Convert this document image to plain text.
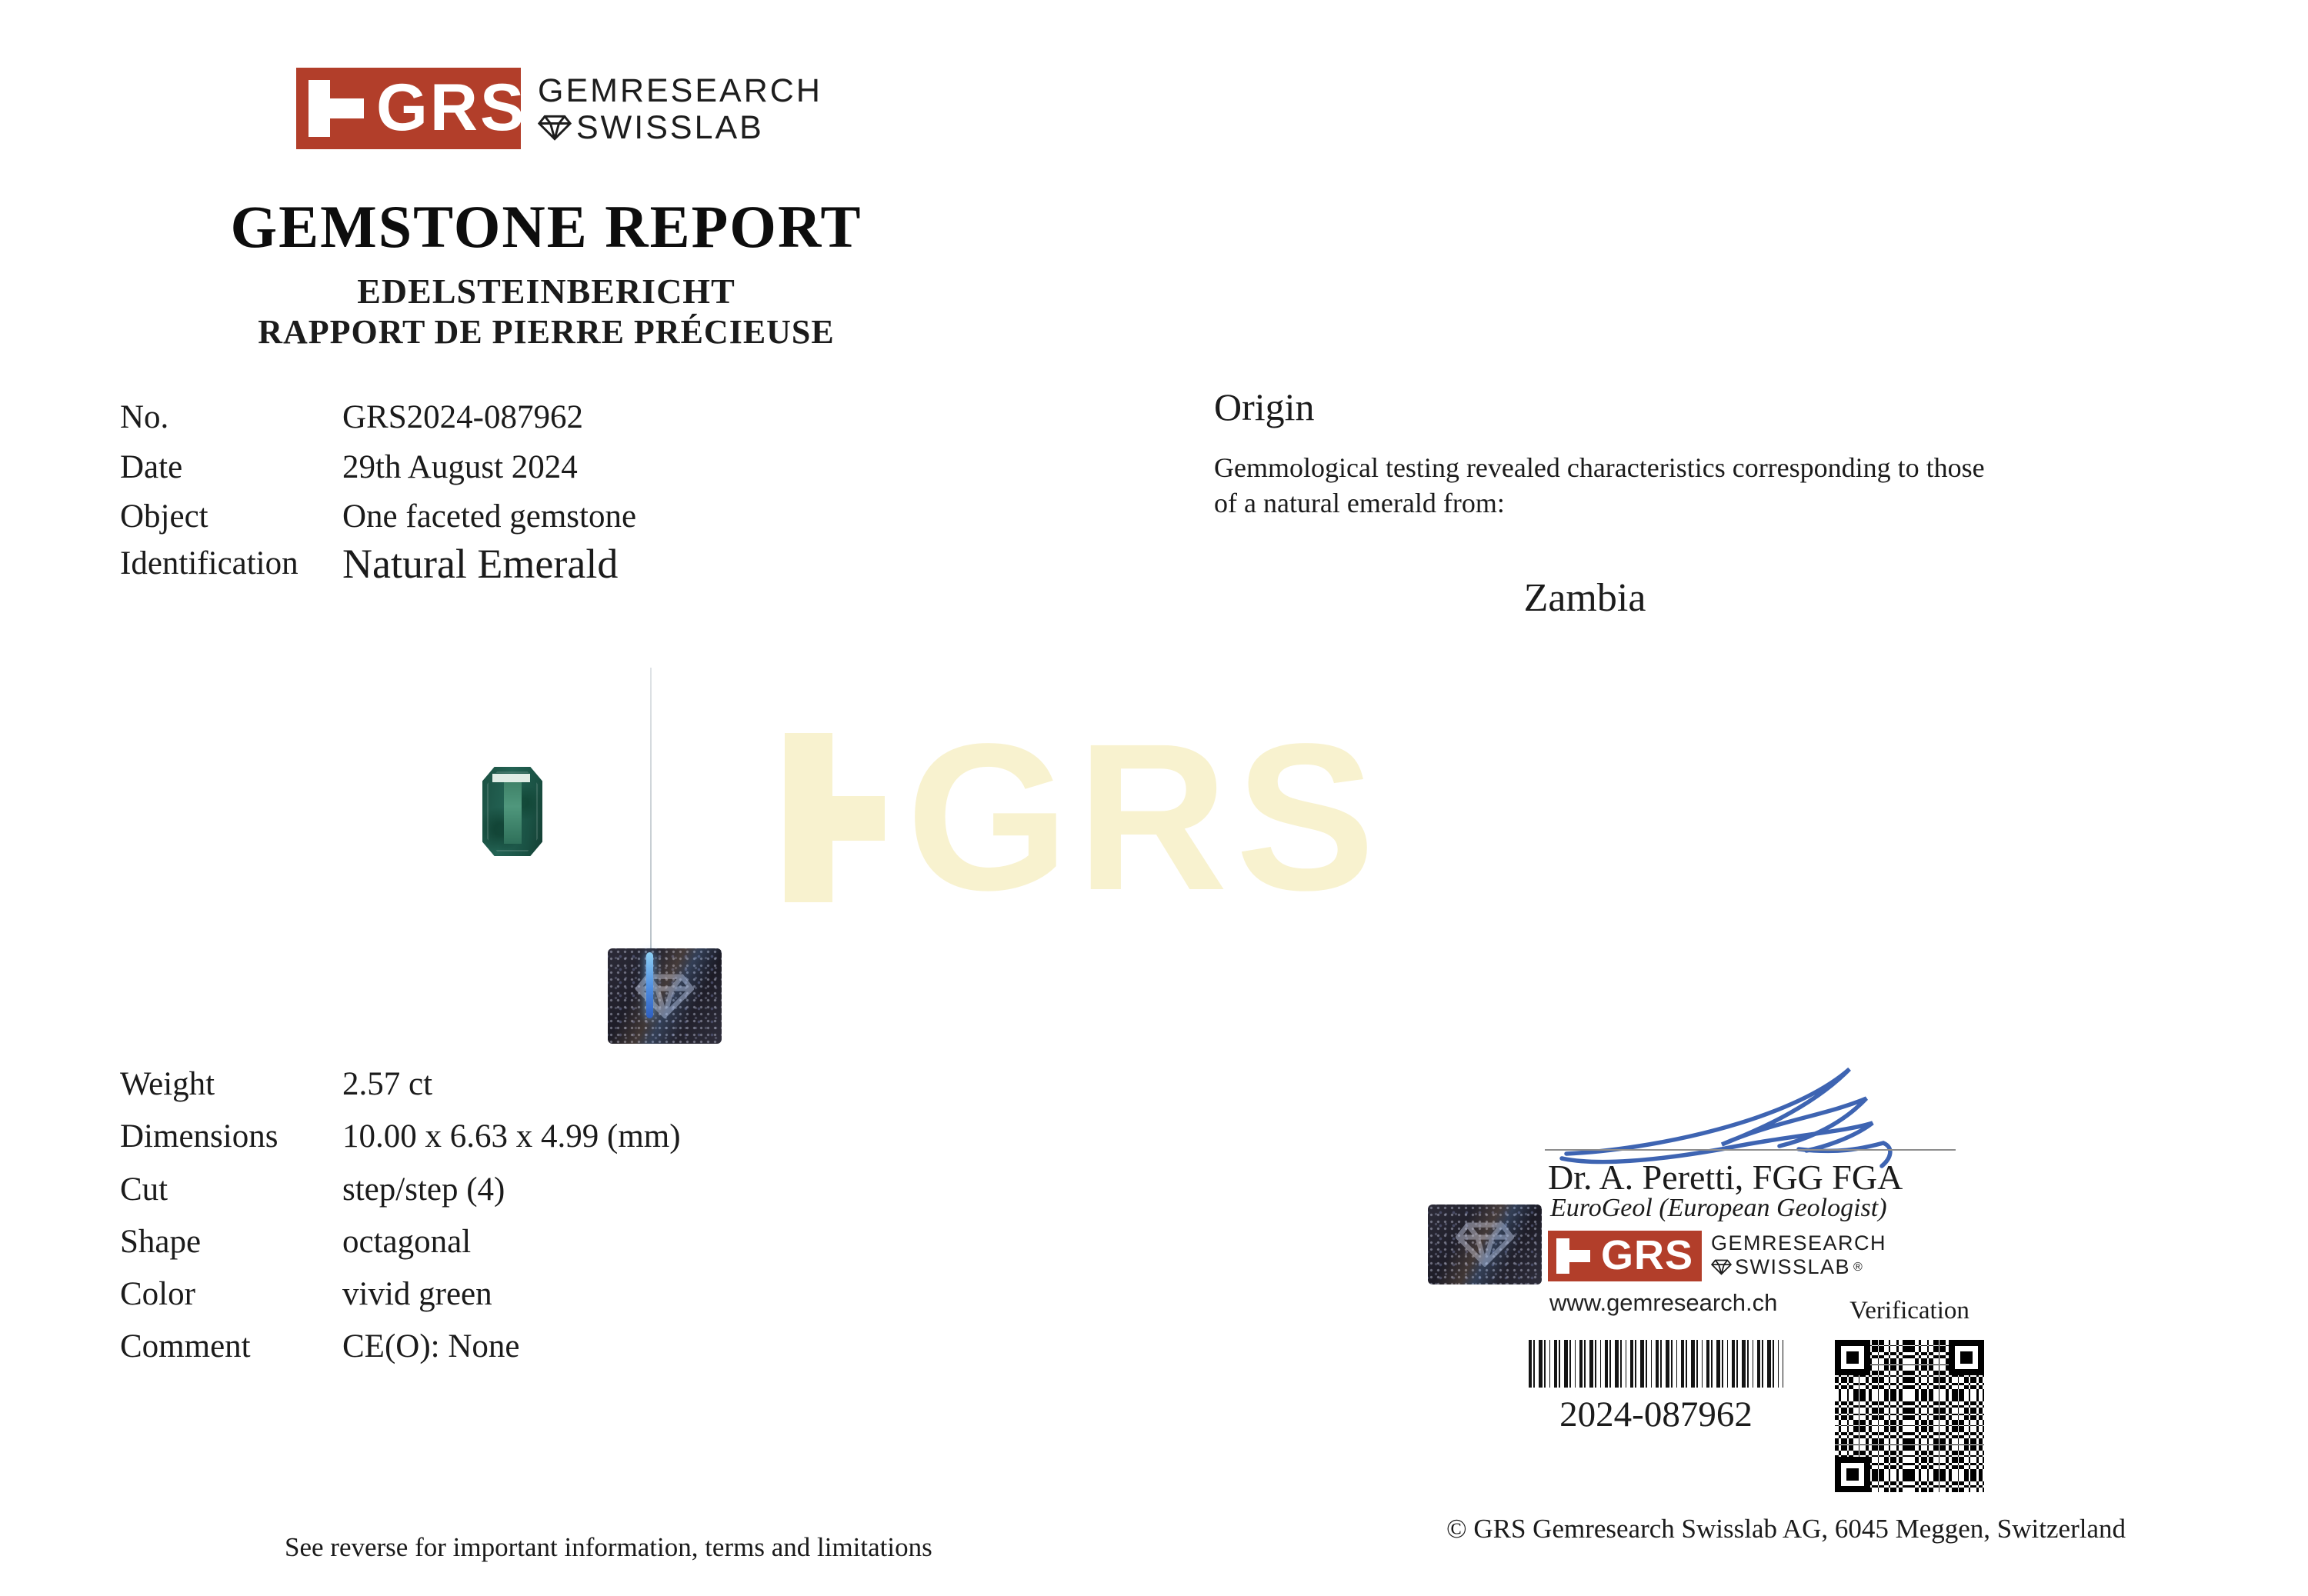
GRS GEMRESEARCH
SWISSLAB
GEMSTONE REPORT
EDELSTEINBERICHT
RAPPORT DE PIERRE PRÉCIEUSE
No.	GRS2024-087962
Date	29th August 2024
Object	One faceted gemstone
Identification Natural Emerald
Origin
Gemmological testing revealed characteristics corresponding to those
of a natural emerald from:
Zambia
GRS
Weight	2.57 ct
Dimensions 10.00 x 6.63 x 4.99 (mm)
Cut	step/step (4)
Shape	octagonal
Color	vivid green
Comment	CE(O): None
Dr. A. Peretti, FGG FGA
EuroGeol (European Geologist)
GRS GEMRESEARCH
SWISSLAB ®
www.gemresearch.ch
2024-087962
Verification
See reverse for important information, terms and limitations
© GRS Gemresearch Swisslab AG, 6045 Meggen, Switzerland
